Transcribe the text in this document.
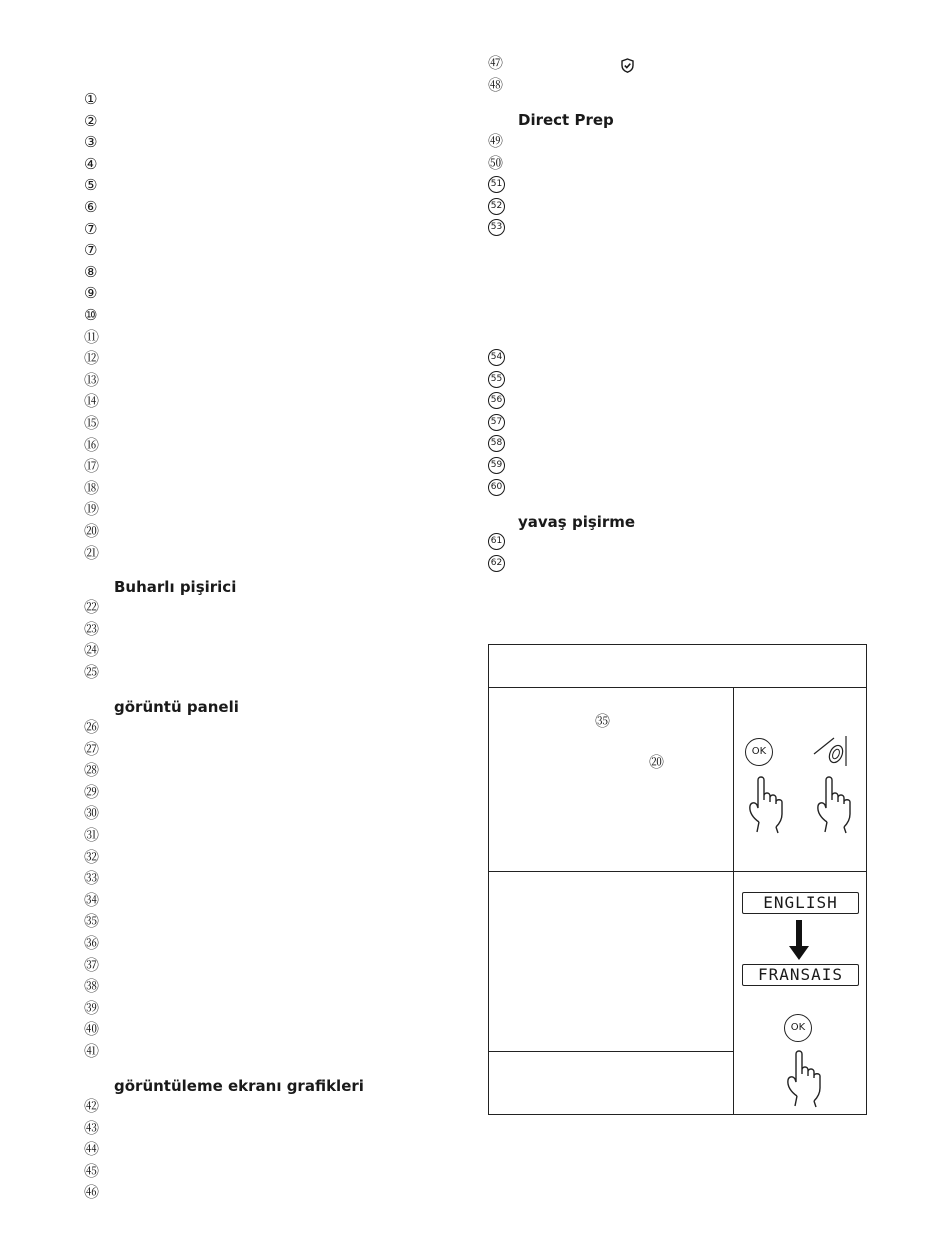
Buharlı pişirici
görüntü paneli
görüntüleme ekranı grafikleri
Direct Prep
yavaş pişirme
㉟
⑳
OK
ENGLISH
FRANSAIS
OK
①
②
③
④
⑤
⑥
⑦
⑦
⑧
⑨
⑩
⑪
⑫
⑬
⑭
⑮
⑯
⑰
⑱
⑲
⑳
㉑
㉒
㉓
㉔
㉕
㉖
㉗
㉘
㉙
㉚
㉛
㉜
㉝
㉞
㉟
㊱
㊲
㊳
㊴
㊵
㊶
㊷
㊸
㊹
㊺
㊻
㊼
㊽
㊾
㊿
51
52
53
54
55
56
57
58
59
60
61
62
